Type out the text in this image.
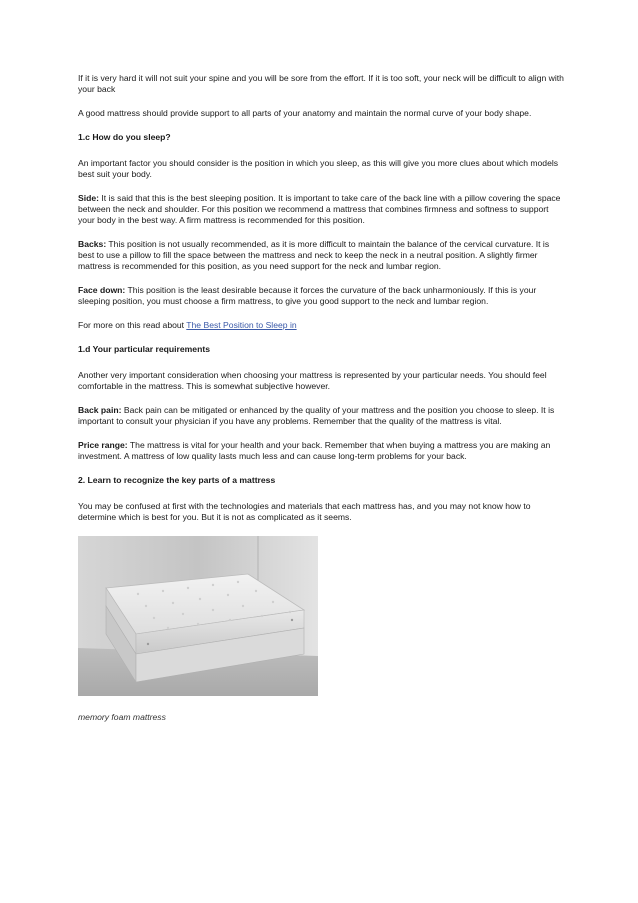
If it is very hard it will not suit your spine and you will be sore from the effort. If it is too soft, your neck will be difficult to align with your back

A good mattress should provide support to all parts of your anatomy and maintain the normal curve of your body shape.

1.c How do you sleep?

An important factor you should consider is the position in which you sleep, as this will give you more clues about which models best suit your body.

Side: It is said that this is the best sleeping position. It is important to take care of the back line with a pillow covering the space between the neck and shoulder. For this position we recommend a mattress that combines firmness and softness to support your body in the best way. A firm mattress is recommended for this position.

Backs: This position is not usually recommended, as it is more difficult to maintain the balance of the cervical curvature. It is best to use a pillow to fill the space between the mattress and neck to keep the neck in a neutral position. A slightly firmer mattress is recommended for this position, as you need support for the neck and lumbar region.

Face down: This position is the least desirable because it forces the curvature of the back unharmoniously. If this is your sleeping position, you must choose a firm mattress, to give you good support to the neck and lumbar region.

For more on this read about The Best Position to Sleep in

1.d Your particular requirements

Another very important consideration when choosing your mattress is represented by your particular needs. You should feel comfortable in the mattress. This is somewhat subjective however.

Back pain: Back pain can be mitigated or enhanced by the quality of your mattress and the position you choose to sleep. It is important to consult your physician if you have any problems. Remember that the quality of the mattress is vital.

Price range: The mattress is vital for your health and your back. Remember that when buying a mattress you are making an investment. A mattress of low quality lasts much less and can cause long-term problems for your back.

2. Learn to recognize the key parts of a mattress

You may be confused at first with the technologies and materials that each mattress has, and you may not know how to determine which is best for you. But it is not as complicated as it seems.

memory foam mattress
